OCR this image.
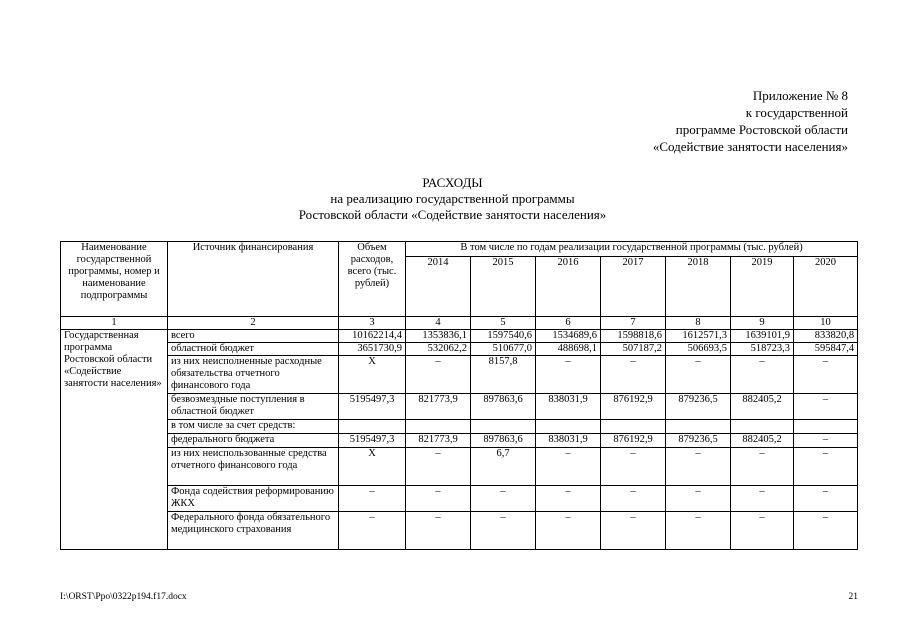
Приложение № 8
к государственной
программе Ростовской области
«Содействие занятости населения»
РАСХОДЫ
на реализацию государственной программы
Ростовской области «Содействие занятости населения»
Наименование государственной программы, номер и наименование подпрограммы	Источник финансирования	Объем расходов, всего (тыс. рублей)	В том числе по годам реализации государственной программы (тыс. рублей)						
			2014	2015	2016	2017	2018	2019	2020
1	2	3	4	5	6	7	8	9	10
Государственная программа Ростовской области «Содействие занятости населения»	всего	10162214,4	1353836,1	1597540,6	1534689,6	1598818,6	1612571,3	1639101,9	833820,8
	областной бюджет	3651730,9	532062,2	510677,0	488698,1	507187,2	506693,5	518723,3	595847,4
	из них неисполненные расходные обязательства отчетного финансового года	X	–	8157,8	–	–	–	–	–
	безвозмездные поступления в областной бюджет	5195497,3	821773,9	897863,6	838031,9	876192,9	879236,5	882405,2	–
	в том числе за счет средств:								
	федерального бюджета	5195497,3	821773,9	897863,6	838031,9	876192,9	879236,5	882405,2	–
	из них неиспользованные средства отчетного финансового года	X	–	6,7	–	–	–	–	–
	Фонда содействия реформированию ЖКХ	–	–	–	–	–	–	–	–
	Федерального фонда обязательного медицинского страхования	–	–	–	–	–	–	–	–
I:\ORST\Ppo\0322p194.f17.docx	21
